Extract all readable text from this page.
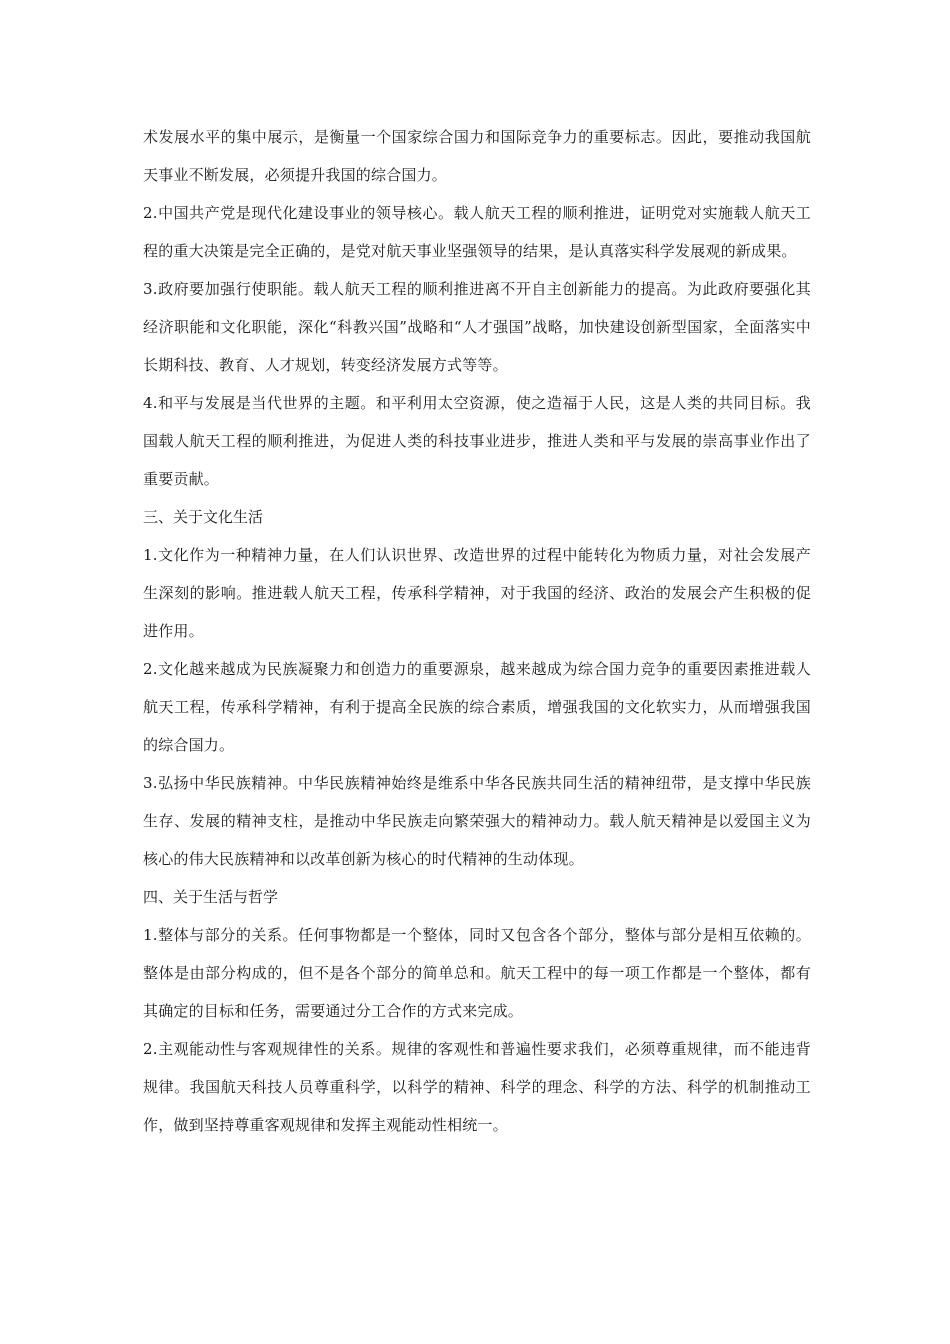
术发展水平的集中展示，是衡量一个国家综合国力和国际竞争力的重要标志。因此，要推动我国航天事业不断发展，必须提升我国的综合国力。

2.中国共产党是现代化建设事业的领导核心。载人航天工程的顺利推进，证明党对实施载人航天工程的重大决策是完全正确的，是党对航天事业坚强领导的结果，是认真落实科学发展观的新成果。

3.政府要加强行使职能。载人航天工程的顺利推进离不开自主创新能力的提高。为此政府要强化其经济职能和文化职能，深化“科教兴国”战略和“人才强国”战略，加快建设创新型国家，全面落实中长期科技、教育、人才规划，转变经济发展方式等等。

4.和平与发展是当代世界的主题。和平利用太空资源，使之造福于人民，这是人类的共同目标。我国载人航天工程的顺利推进，为促进人类的科技事业进步，推进人类和平与发展的崇高事业作出了重要贡献。

三、关于文化生活

1.文化作为一种精神力量，在人们认识世界、改造世界的过程中能转化为物质力量，对社会发展产生深刻的影响。推进载人航天工程，传承科学精神，对于我国的经济、政治的发展会产生积极的促进作用。

2.文化越来越成为民族凝聚力和创造力的重要源泉，越来越成为综合国力竞争的重要因素推进载人航天工程，传承科学精神，有利于提高全民族的综合素质，增强我国的文化软实力，从而增强我国的综合国力。

3.弘扬中华民族精神。中华民族精神始终是维系中华各民族共同生活的精神纽带，是支撑中华民族生存、发展的精神支柱，是推动中华民族走向繁荣强大的精神动力。载人航天精神是以爱国主义为核心的伟大民族精神和以改革创新为核心的时代精神的生动体现。

四、关于生活与哲学

1.整体与部分的关系。任何事物都是一个整体，同时又包含各个部分，整体与部分是相互依赖的。整体是由部分构成的，但不是各个部分的简单总和。航天工程中的每一项工作都是一个整体，都有其确定的目标和任务，需要通过分工合作的方式来完成。

2.主观能动性与客观规律性的关系。规律的客观性和普遍性要求我们，必须尊重规律，而不能违背规律。我国航天科技人员尊重科学，以科学的精神、科学的理念、科学的方法、科学的机制推动工作，做到坚持尊重客观规律和发挥主观能动性相统一。
